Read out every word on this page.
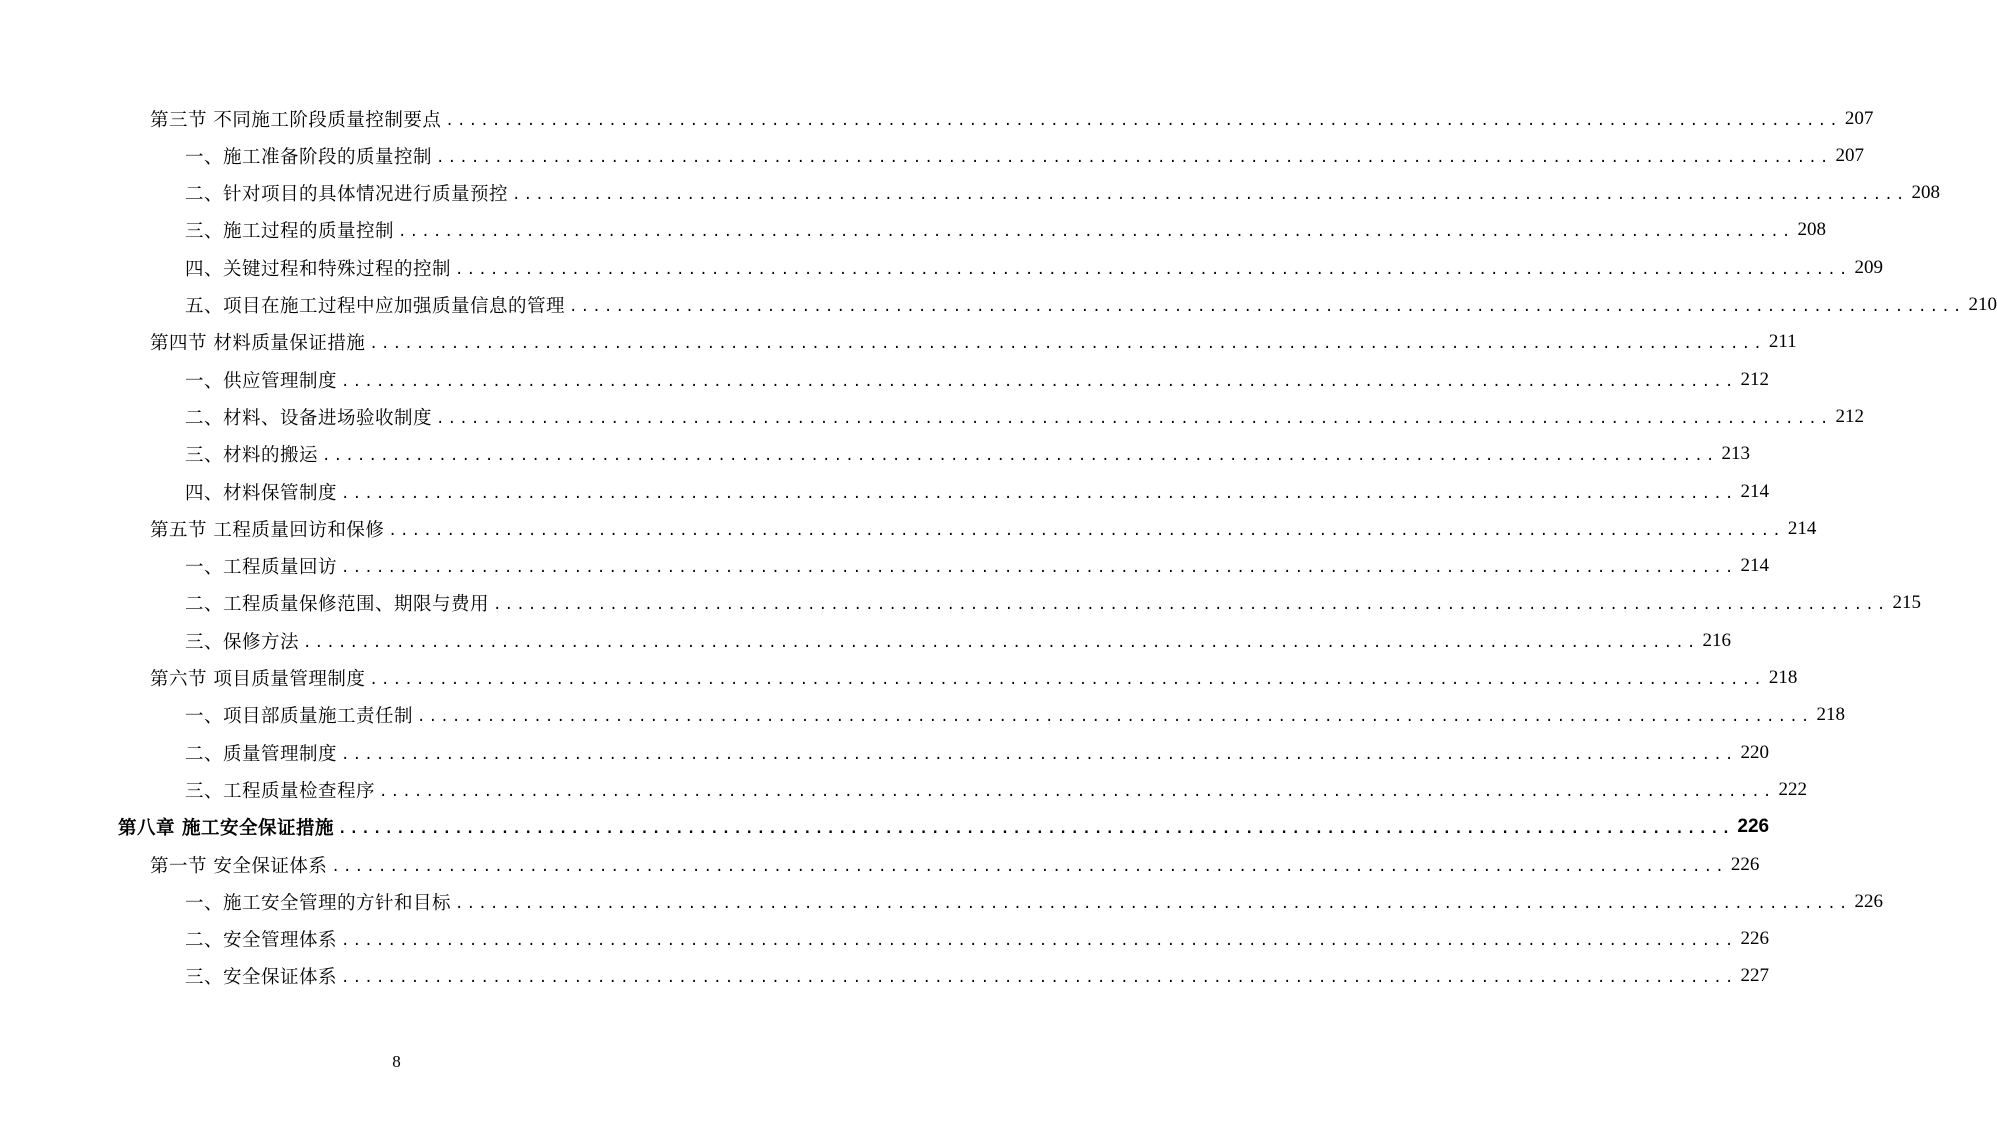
第三节 不同施工阶段质量控制要点 ........................................................................................................................ 207
一、施工准备阶段的质量控制 ........................................................................................................................ 207
二、针对项目的具体情况进行质量预控 ........................................................................................................................ 208
三、施工过程的质量控制 ........................................................................................................................ 208
四、关键过程和特殊过程的控制 ........................................................................................................................ 209
五、项目在施工过程中应加强质量信息的管理 ........................................................................................................................ 210
第四节 材料质量保证措施 ........................................................................................................................ 211
一、供应管理制度 ........................................................................................................................ 212
二、材料、设备进场验收制度 ........................................................................................................................ 212
三、材料的搬运 ........................................................................................................................ 213
四、材料保管制度 ........................................................................................................................ 214
第五节 工程质量回访和保修 ........................................................................................................................ 214
一、工程质量回访 ........................................................................................................................ 214
二、工程质量保修范围、期限与费用 ........................................................................................................................ 215
三、保修方法 ........................................................................................................................ 216
第六节 项目质量管理制度 ........................................................................................................................ 218
一、项目部质量施工责任制 ........................................................................................................................ 218
二、质量管理制度 ........................................................................................................................ 220
三、工程质量检查程序 ........................................................................................................................ 222
第八章 施工安全保证措施 ........................................................................................................................ 226
第一节 安全保证体系 ........................................................................................................................ 226
一、施工安全管理的方针和目标 ........................................................................................................................ 226
二、安全管理体系 ........................................................................................................................ 226
三、安全保证体系 ........................................................................................................................ 227
8
